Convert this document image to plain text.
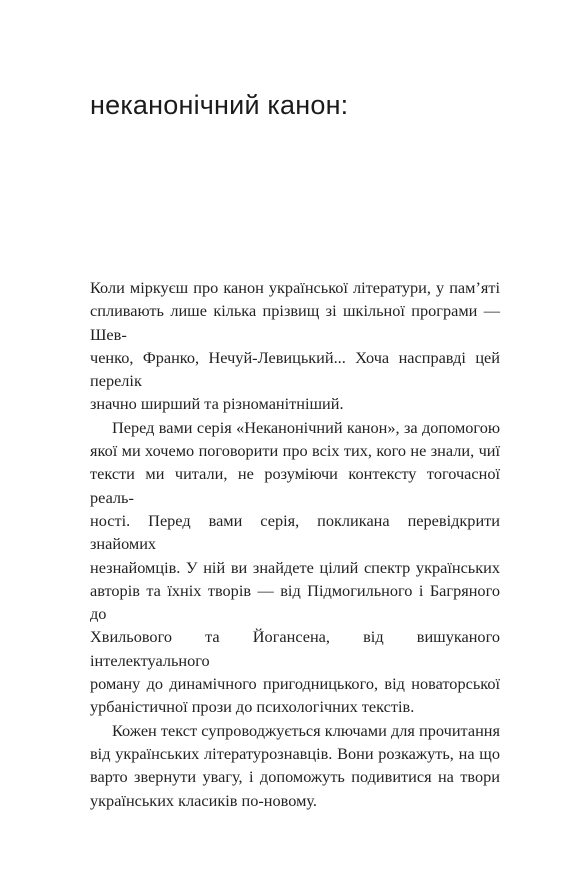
неканонічний канон:

Коли міркуєш про канон української літератури, у пам’яті
спливають лише кілька прізвищ зі шкільної програми — Шев-
ченко, Франко, Нечуй-Левицький... Хоча насправді цей перелік
значно ширший та різноманітніший.

Перед вами серія «Неканонічний канон», за допомогою
якої ми хочемо поговорити про всіх тих, кого не знали, чиї
тексти ми читали, не розуміючи контексту тогочасної реаль-
ності. Перед вами серія, покликана перевідкрити знайомих
незнайомців. У ній ви знайдете цілий спектр українських
авторів та їхніх творів — від Підмогильного і Багряного до
Хвильового та Йогансена, від вишуканого інтелектуального
роману до динамічного пригодницького, від новаторської
урбаністичної прози до психологічних текстів.

Кожен текст супроводжується ключами для прочитання
від українських літературознавців. Вони розкажуть, на що
варто звернути увагу, і допоможуть подивитися на твори
українських класиків по-новому.
